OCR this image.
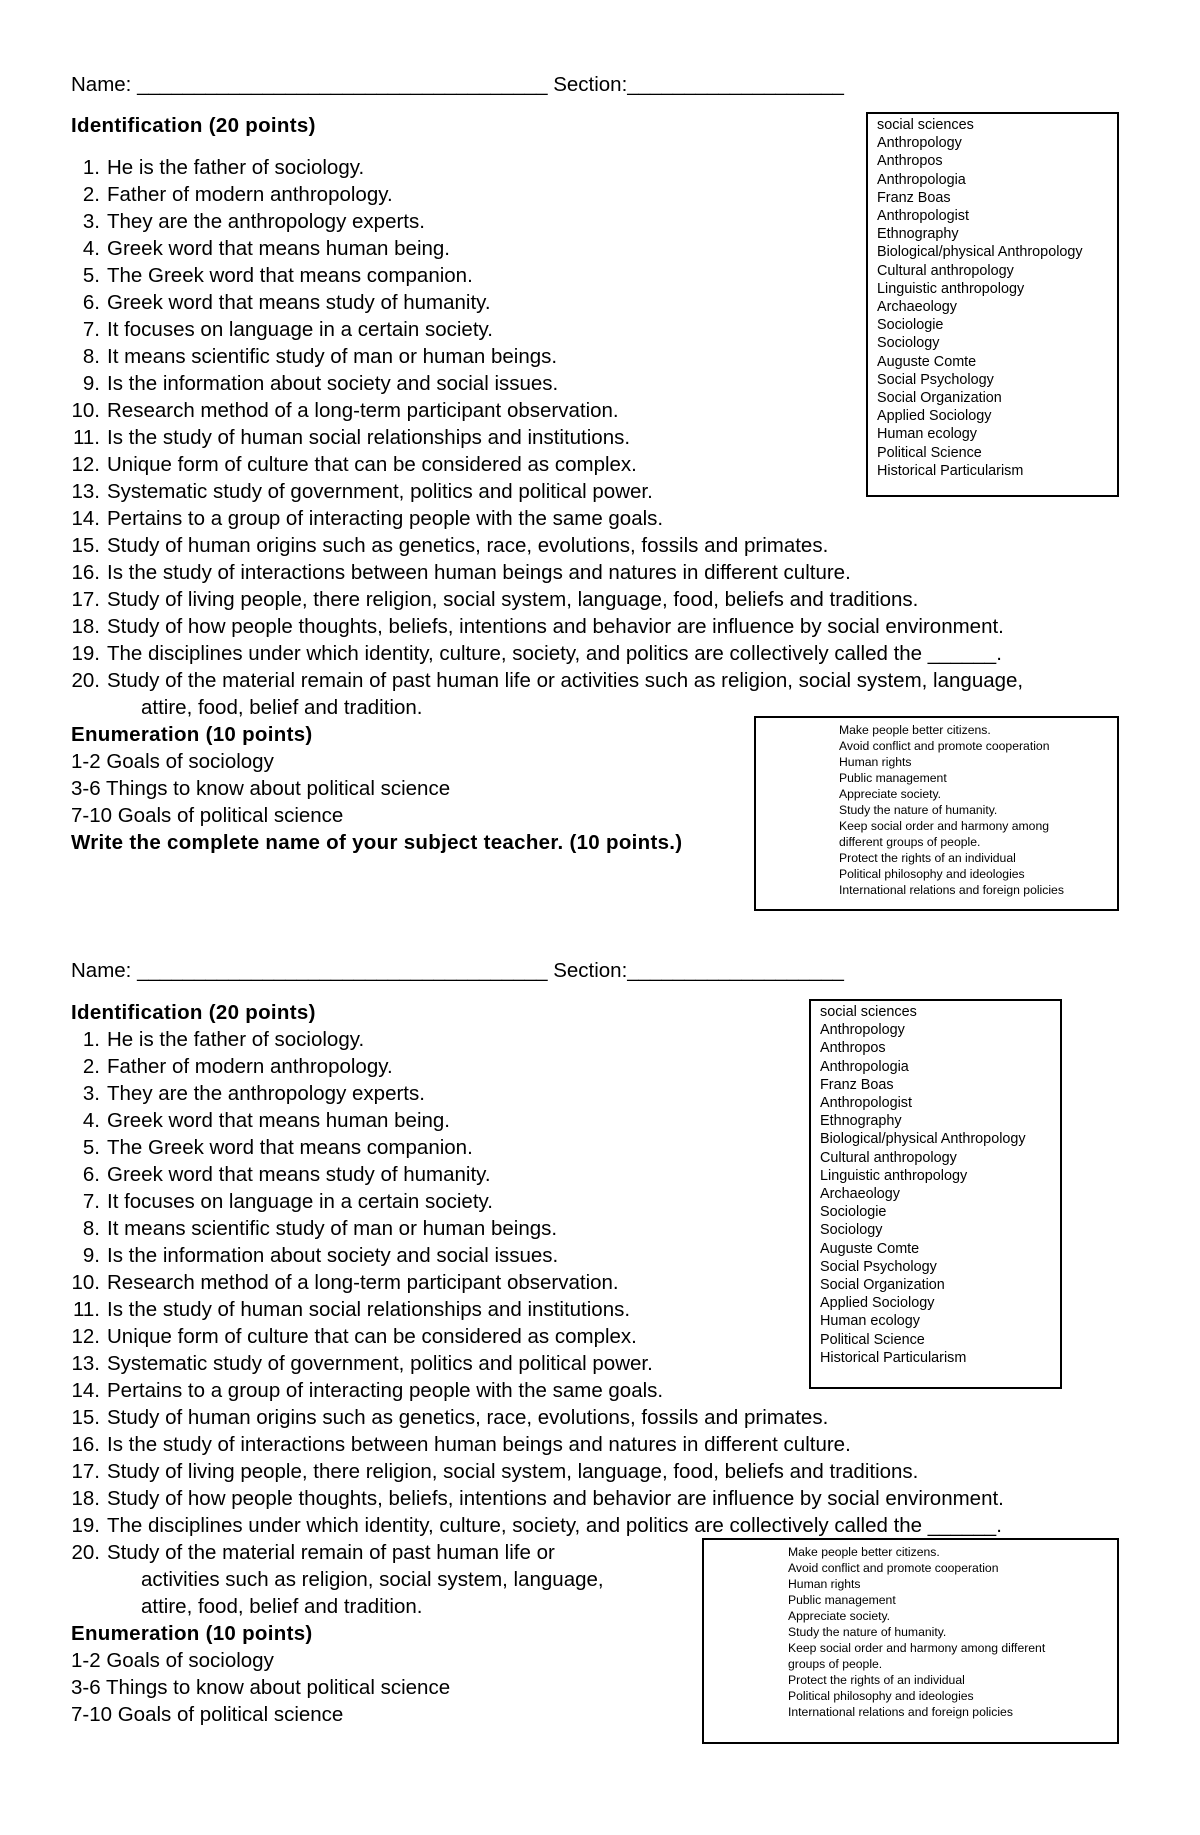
Name: ____________________________________ Section:___________________
Identification (20 points)
1. He is the father of sociology.
2. Father of modern anthropology.
3. They are the anthropology experts.
4. Greek word that means human being.
5. The Greek word that means companion.
6. Greek word that means study of humanity.
7. It focuses on language in a certain society.
8. It means scientific study of man or human beings.
9. Is the information about society and social issues.
10. Research method of a long-term participant observation.
11. Is the study of human social relationships and institutions.
12. Unique form of culture that can be considered as complex.
13. Systematic study of government, politics and political power.
14. Pertains to a group of interacting people with the same goals.
15. Study of human origins such as genetics, race, evolutions, fossils and primates.
16. Is the study of interactions between human beings and natures in different culture.
17. Study of living people, there religion, social system, language, food, beliefs and traditions.
18. Study of how people thoughts, beliefs, intentions and behavior are influence by social environment.
19. The disciplines under which identity, culture, society, and politics are collectively called the ______.
20. Study of the material remain of past human life or activities such as religion, social system, language,
attire, food, belief and tradition.
Enumeration (10 points)
1-2 Goals of sociology
3-6 Things to know about political science
7-10 Goals of political science
Write the complete name of your subject teacher. (10 points.)
social sciences
Anthropology
Anthropos
Anthropologia
Franz Boas
Anthropologist
Ethnography
Biological/physical Anthropology
Cultural anthropology
Linguistic anthropology
Archaeology
Sociologie
Sociology
Auguste Comte
Social Psychology
Social Organization
Applied Sociology
Human ecology
Political Science
Historical Particularism
Make people better citizens.
Avoid conflict and promote cooperation
Human rights
Public management
Appreciate society.
Study the nature of humanity.
Keep social order and harmony among
different groups of people.
Protect the rights of an individual
Political philosophy and ideologies
International relations and foreign policies
Name: ____________________________________ Section:___________________
Identification (20 points)
1. He is the father of sociology.
2. Father of modern anthropology.
3. They are the anthropology experts.
4. Greek word that means human being.
5. The Greek word that means companion.
6. Greek word that means study of humanity.
7. It focuses on language in a certain society.
8. It means scientific study of man or human beings.
9. Is the information about society and social issues.
10. Research method of a long-term participant observation.
11. Is the study of human social relationships and institutions.
12. Unique form of culture that can be considered as complex.
13. Systematic study of government, politics and political power.
14. Pertains to a group of interacting people with the same goals.
15. Study of human origins such as genetics, race, evolutions, fossils and primates.
16. Is the study of interactions between human beings and natures in different culture.
17. Study of living people, there religion, social system, language, food, beliefs and traditions.
18. Study of how people thoughts, beliefs, intentions and behavior are influence by social environment.
19. The disciplines under which identity, culture, society, and politics are collectively called the ______.
20. Study of the material remain of past human life or
activities such as religion, social system, language,
attire, food, belief and tradition.
Enumeration (10 points)
1-2 Goals of sociology
3-6 Things to know about political science
7-10 Goals of political science
social sciences
Anthropology
Anthropos
Anthropologia
Franz Boas
Anthropologist
Ethnography
Biological/physical Anthropology
Cultural anthropology
Linguistic anthropology
Archaeology
Sociologie
Sociology
Auguste Comte
Social Psychology
Social Organization
Applied Sociology
Human ecology
Political Science
Historical Particularism
Make people better citizens.
Avoid conflict and promote cooperation
Human rights
Public management
Appreciate society.
Study the nature of humanity.
Keep social order and harmony among different
groups of people.
Protect the rights of an individual
Political philosophy and ideologies
International relations and foreign policies
